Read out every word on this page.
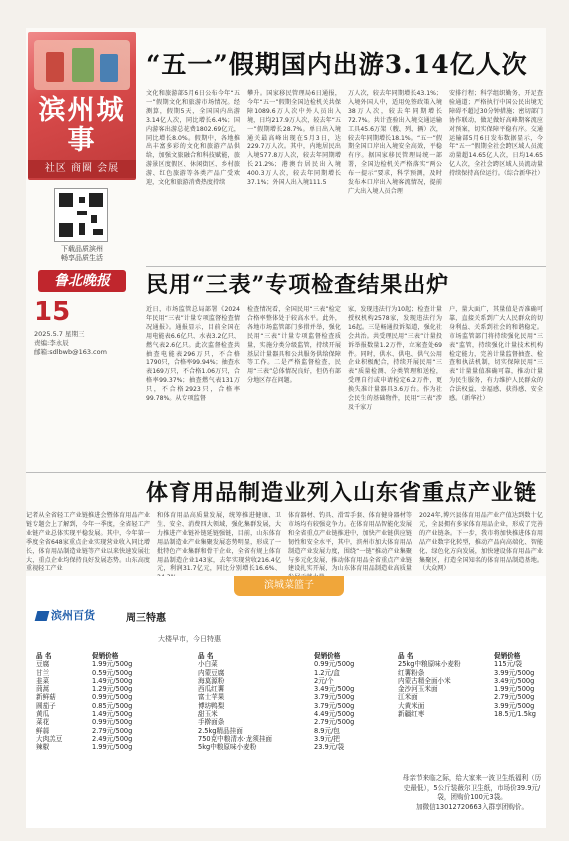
滨州城事
社区 商圈 会展
下载品质滨州
畅享品质生活
鲁北晚报
15
2025.5.7 星期三
责编:李永辰
邮箱:sdlbwb@163.com
“五一”假期国内出游3.14亿人次
文化和旅游部5月6日公布今年“五一”假期文化和旅游市场情况。经测算，假期5天，全国国内出游3.14亿人次，同比增长6.4%；国内游客出游总花费1802.69亿元，同比增长8.0%。假期中，各地推出丰富多彩的文化和旅游产品供给，加强文旅融合和科技赋能，旅游景区度假区、休闲街区、乡村旅游、红色旅游等各类产品广受欢迎，文化和旅游消费热度持续
攀升。国家移民管理局6日通报，今年“五一”假期全国边检机关共保障1089.6万人次中外人员出入境，日均217.9万人次，较去年“五一”假期增长28.7%。单日出入境通关最高峰出现在5月3日，达229.7万人次。其中，内地居民出入境577.8万人次，较去年同期增长21.2%；港澳台居民出入境400.3万人次，较去年同期增长37.1%；外国人出入境111.5
万人次，较去年同期增长43.1%；入境外国人中，适用免签政策入境38万人次，较去年同期增长72.7%。共计查验出入境交通运输工具45.6万架（艘、列、辆）次，较去年同期增长18.1%。“五一”假期全国口岸出入境安全高效，平稳有序。据国家移民管理局统一部署，全国边检机关严格落实“两公布一提示”要求，科学预测，及时发布本口岸出入境客流情况，提前广大出入境人员合理
安排行程；科学组织勤务，开足查验通道；严格执行中国公民出境无障碍不超过30分钟措施；密切部门协作联动，做足做好高峰期客流应对预案，切实保障平稳有序。交通运输部5月6日发布数据显示，今年“五一”假期全社会跨区域人员流动量超14.65亿人次，日均14.65亿人次，全社会跨区域人员流动量持续保持高位运行。（综合新华社）
民用“三表”专项检查结果出炉
近日，市场监管总局部署《2024年民用“三表”计量专项监督检查情况通报》。通报显示，目前全国在用电能表6.6亿只、水表3.2亿只、燃气表2.6亿只。此次监督检查共抽查电能表296万只，不合格1790只，合格率99.94%；抽查水表169万只，不合格1.06万只，合格率99.37%；抽查燃气表131万只，不合格2923只，合格率99.78%。从专项监督
检查情况看，全国民用“三表”检定合格率整体处于较高水平。此外，各地市场监管部门多措并举，强化民用“三表”计量专项监督检查质量，实施分类分级监管，持续开展基层计量器具和公共服务供给保障等工作。二是严格监督检查，民用“三表”总体情况良好，但仍有部分地区存在问题。
家，发现违法行为10起；检查计量授权机构2578家，发现违法行为16起。三是畅通投诉渠道，强化社会共治。共受理民用“三表”计量投诉举报数量1.2万件，立案查处69件。同时，供水、供电、供气公用企业积极配合，持续开展民用“三表”质量检测、分类管理和送检，受理自行或申请检定6.2万件，更换失准计量器具3.6万台。作为社会民生的基础物件，民用“三表”涉及千家万
户，量大面广，其量值是否准确可靠，直接关系到广大人民群众的切身利益、关系到社会的和谐稳定。市场监管部门将持续强化民用“三表”监管，持续强化计量技术机构检定能力，完善计量监督抽查、检查和执法机制，切实保障民用“三表”计量量值准确可靠，推动计量为民生服务，有力维护人民群众的合法权益、幸福感、获得感、安全感。（新华社）
体育用品制造业列入山东省重点产业链
记者从全省轻工产业链推进会暨体育用品产业链专题会上了解到，今年一季度，全省轻工产业链产业总体实现平稳发展。其中，今年第一季度全省648家重点企业实现营业收入同比增长，体育用品制造业链等产业以来快速发展壮大，重点企业均保持良好发展态势。山东高度重视轻工产业
和体育用品高质量发展，统筹推进健康、卫生、安全、消费四大领域，强化集群发展，大力推进产业链补链延链强链，目前，山东体育用品制造业产业集聚发展态势明显，形成了一批特色产业集群和骨干企业，全省有规上体育用品制造企业143家，去年实现营收216.4亿元，利润31.7亿元，同比分别增长16.6%、
体育器材、钓具、滑雪手套、体育健身器材等市场均有较强竞争力。在体育用品智能化发展和全省重点产业链推进中，加快产业链供应链韧性和安全水平，其中，滨州市加大体育用品制造产业发展力度，围绕“一链”推动产业集聚与多元化发展，推动体育用品全省重点产业链建设扎实开展，为山东体育用品制造业高质量
2024年,博兴县体育用品产业产值达到数十亿元，全县拥有多家体育用品企业，形成了完善的产业链条。下一步，我市将加快推进体育用品产业数字化转型，推动产品向高端化、智能化、绿色化方向发展，加快建设体育用品产业集聚区，打造全国知名的体育用品制造基地。（大众网）
滨城菜篮子
滨州百货	周三特惠
大楼早市，今日特惠
品 名	促销价格
豆腐	1.99元/500g
甘兰	0.59元/500g
韭菜	1.49元/500g
茼蒿	1.29元/500g
新鲜菇	0.99元/500g
圆茄子	0.85元/500g
黄瓜	1.49元/500g
菜花	0.99元/500g
鲜蒜	2.79元/500g
大肉羔豆	2.49元/500g
辣椒	1.99元/500g
品 名	促销价格
小白菜	0.99元/500g
内蒙豆腐	1.2元/盒
海莫源粉	2元/个
西瓜红薯	3.49元/500g
富士苹果	3.79元/500g
博坊鸭梨	3.79元/500g
甜玉米	4.49元/500g
手擀面条	2.79元/500g
2.5kg精品挂面	8.9元/包
750克中粮清水·龙须挂面	3.9元/把
5kg中粮原味小麦粉	23.9元/袋
品 名	促销价格
25kg中粮原味小麦粉	115元/袋
红薯粉条	3.99元/500g
内蒙古精全面小米	3.49元/500g
金沙河玉米面	1.99元/500g
江米面	2.79元/500g
大黄米面	3.99元/500g
新疆红枣	18.5元/1.5kg
母亲节来临之际，给大家来一波卫生纸福利（历史最低），5公斤装薇尔卫生纸，市场价39.9元/袋，团购价100元3袋。
加微信13012720663入群享团购价。
